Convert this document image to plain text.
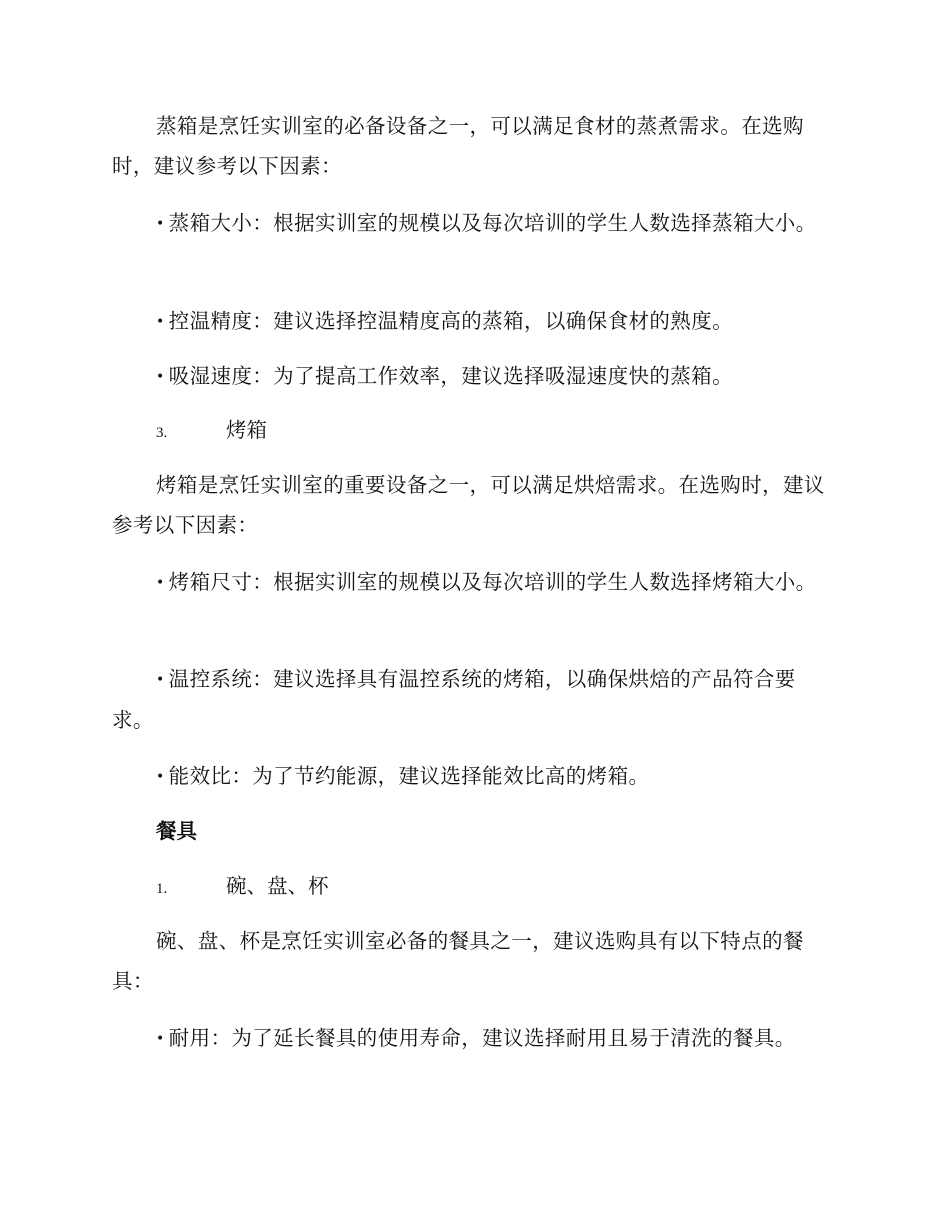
蒸箱是烹饪实训室的必备设备之一，可以满足食材的蒸煮需求。在选购时，建议参考以下因素：

• 蒸箱大小：根据实训室的规模以及每次培训的学生人数选择蒸箱大小。

• 控温精度：建议选择控温精度高的蒸箱，以确保食材的熟度。

• 吸湿速度：为了提高工作效率，建议选择吸湿速度快的蒸箱。

3.	烤箱

烤箱是烹饪实训室的重要设备之一，可以满足烘焙需求。在选购时，建议参考以下因素：

• 烤箱尺寸：根据实训室的规模以及每次培训的学生人数选择烤箱大小。

• 温控系统：建议选择具有温控系统的烤箱，以确保烘焙的产品符合要求。

• 能效比：为了节约能源，建议选择能效比高的烤箱。

餐具

1.	碗、盘、杯

碗、盘、杯是烹饪实训室必备的餐具之一，建议选购具有以下特点的餐具：

• 耐用：为了延长餐具的使用寿命，建议选择耐用且易于清洗的餐具。
